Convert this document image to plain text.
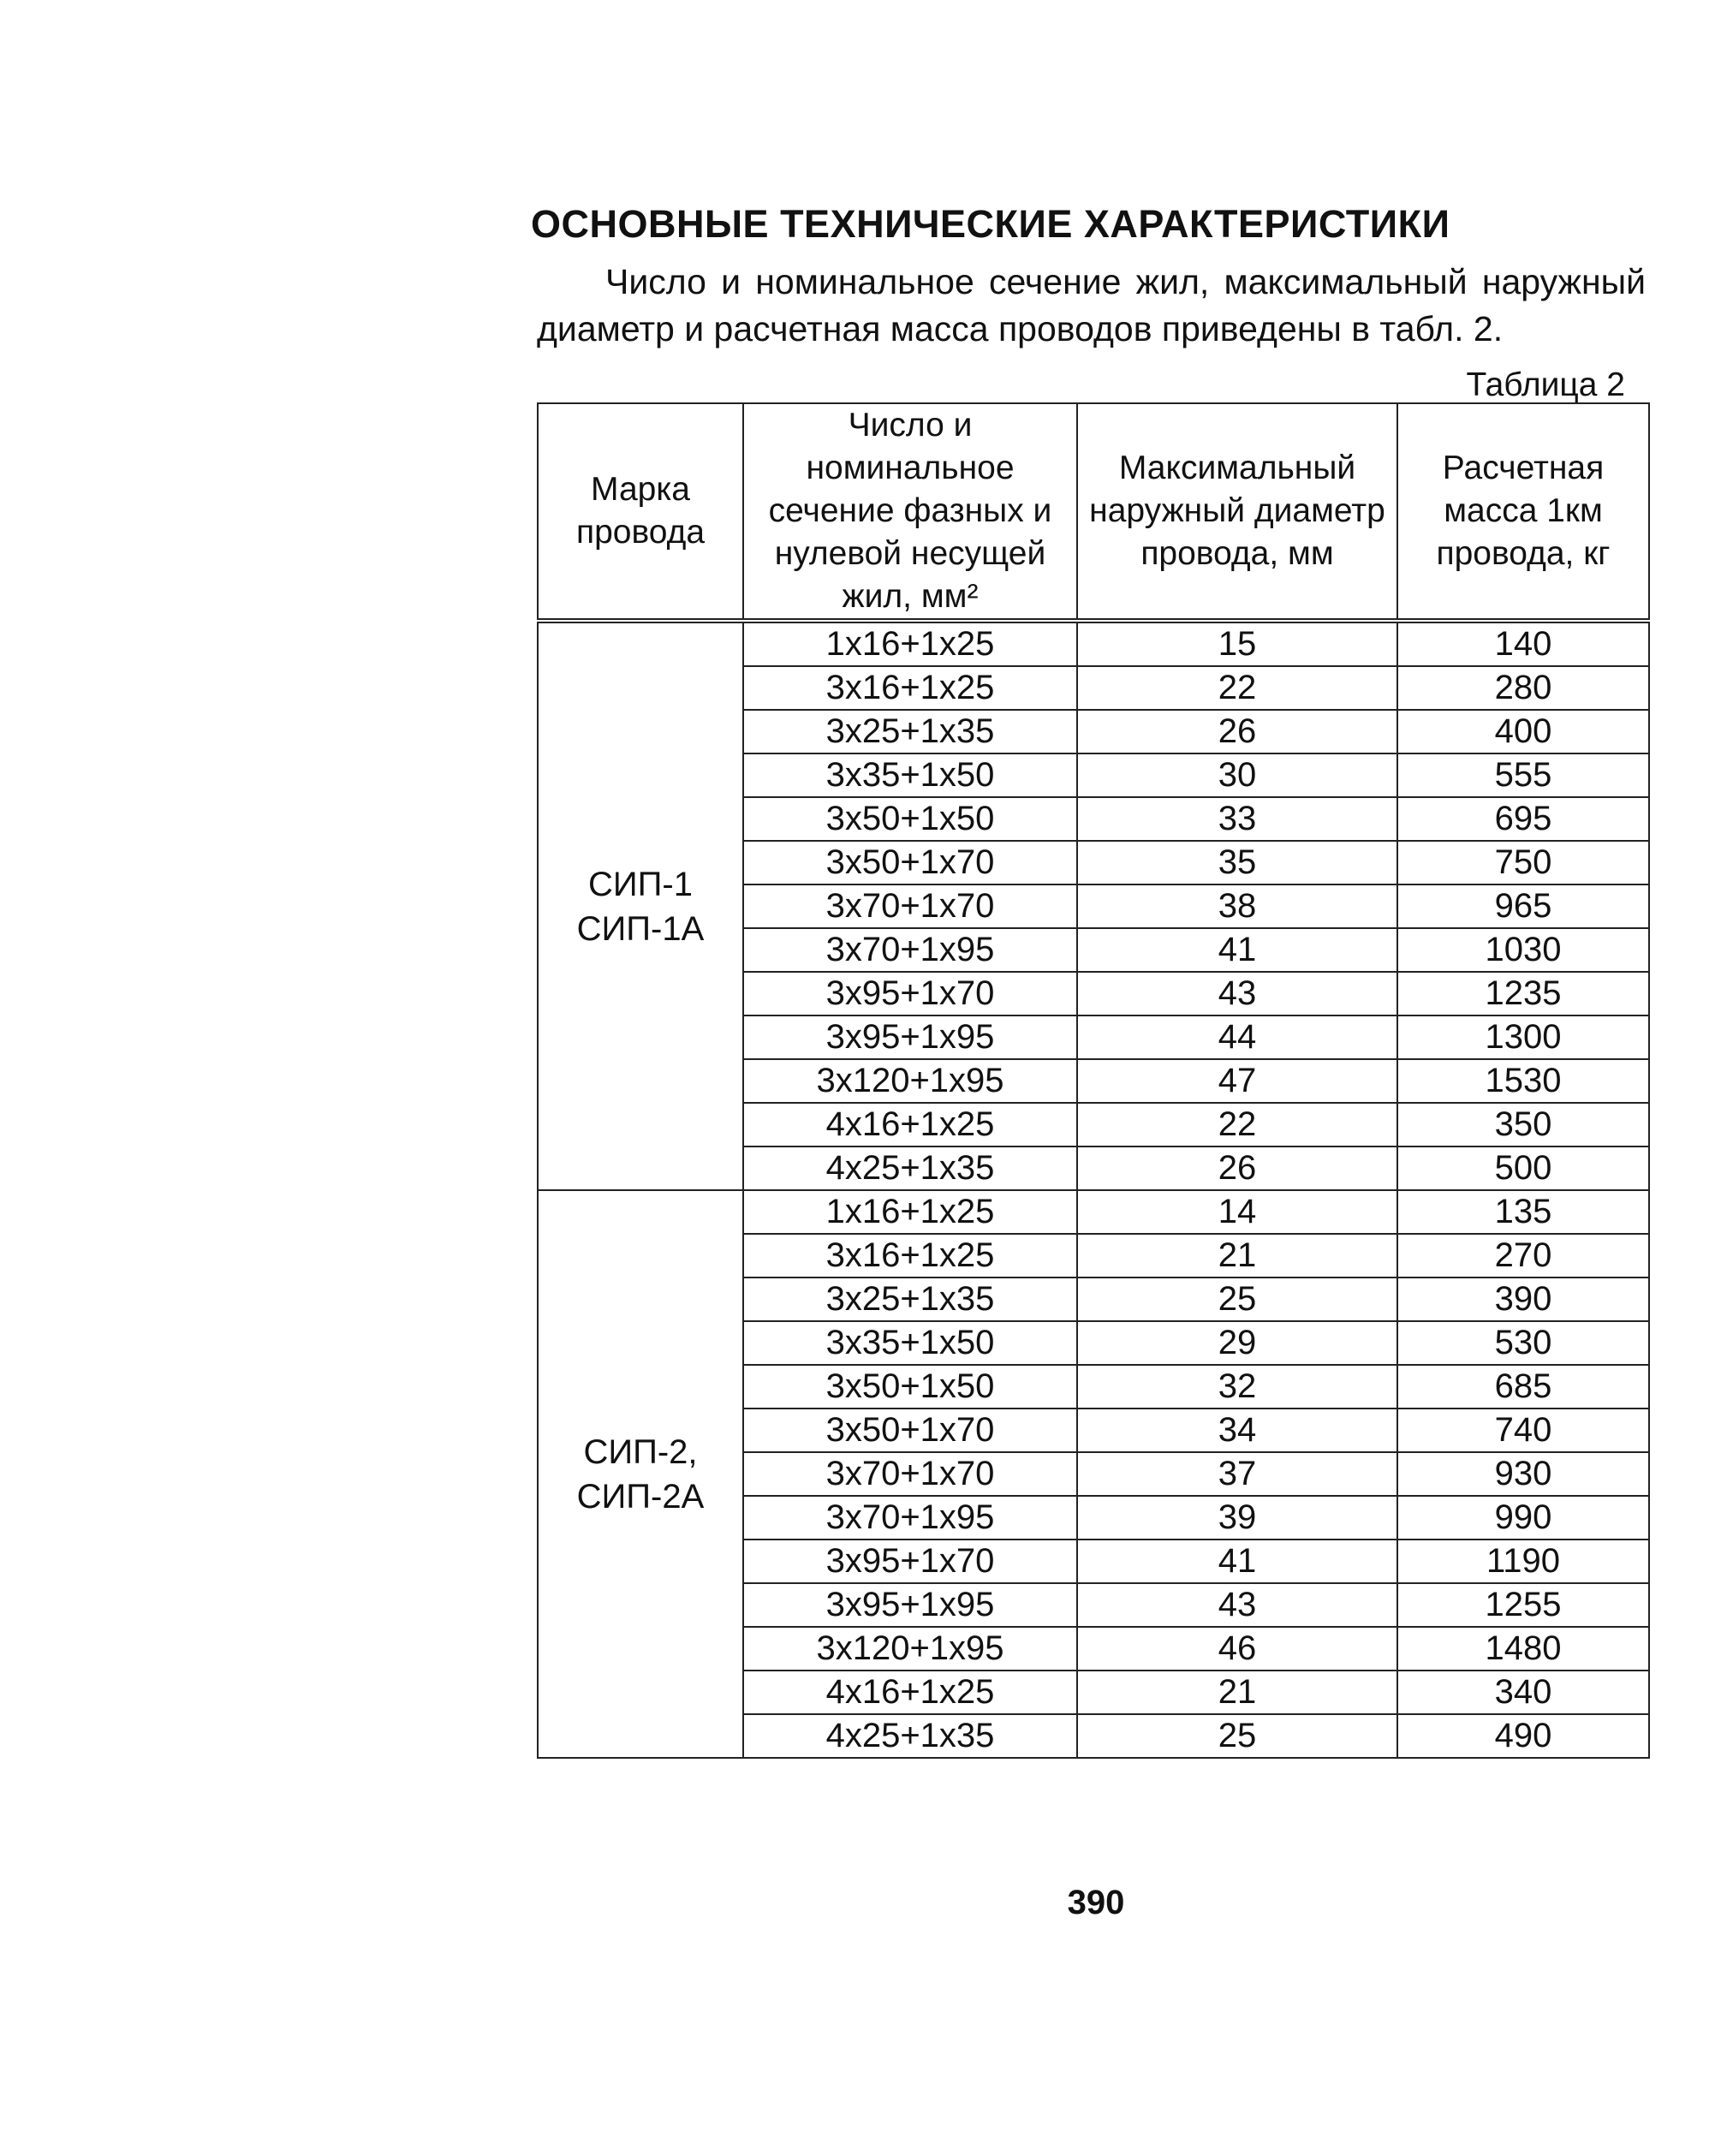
ОСНОВНЫЕ ТЕХНИЧЕСКИЕ ХАРАКТЕРИСТИКИ

Число и номинальное сечение жил, максимальный наружный диаметр и расчетная масса проводов приведены в табл. 2.

Таблица 2

Марка провода	Число и номинальное сечение фазных и нулевой несущей жил, мм²	Максимальный наружный диаметр провода, мм	Расчетная масса 1км провода, кг

СИП-1
СИП-1А	1х16+1х25	15	140
	3х16+1х25	22	280
	3х25+1х35	26	400
	3х35+1х50	30	555
	3х50+1х50	33	695
	3х50+1х70	35	750
	3х70+1х70	38	965
	3х70+1х95	41	1030
	3х95+1х70	43	1235
	3х95+1х95	44	1300
	3х120+1х95	47	1530
	4х16+1х25	22	350
	4х25+1х35	26	500

СИП-2,
СИП-2А	1х16+1х25	14	135
	3х16+1х25	21	270
	3х25+1х35	25	390
	3х35+1х50	29	530
	3х50+1х50	32	685
	3х50+1х70	34	740
	3х70+1х70	37	930
	3х70+1х95	39	990
	3х95+1х70	41	1190
	3х95+1х95	43	1255
	3х120+1х95	46	1480
	4х16+1х25	21	340
	4х25+1х35	25	490

390
